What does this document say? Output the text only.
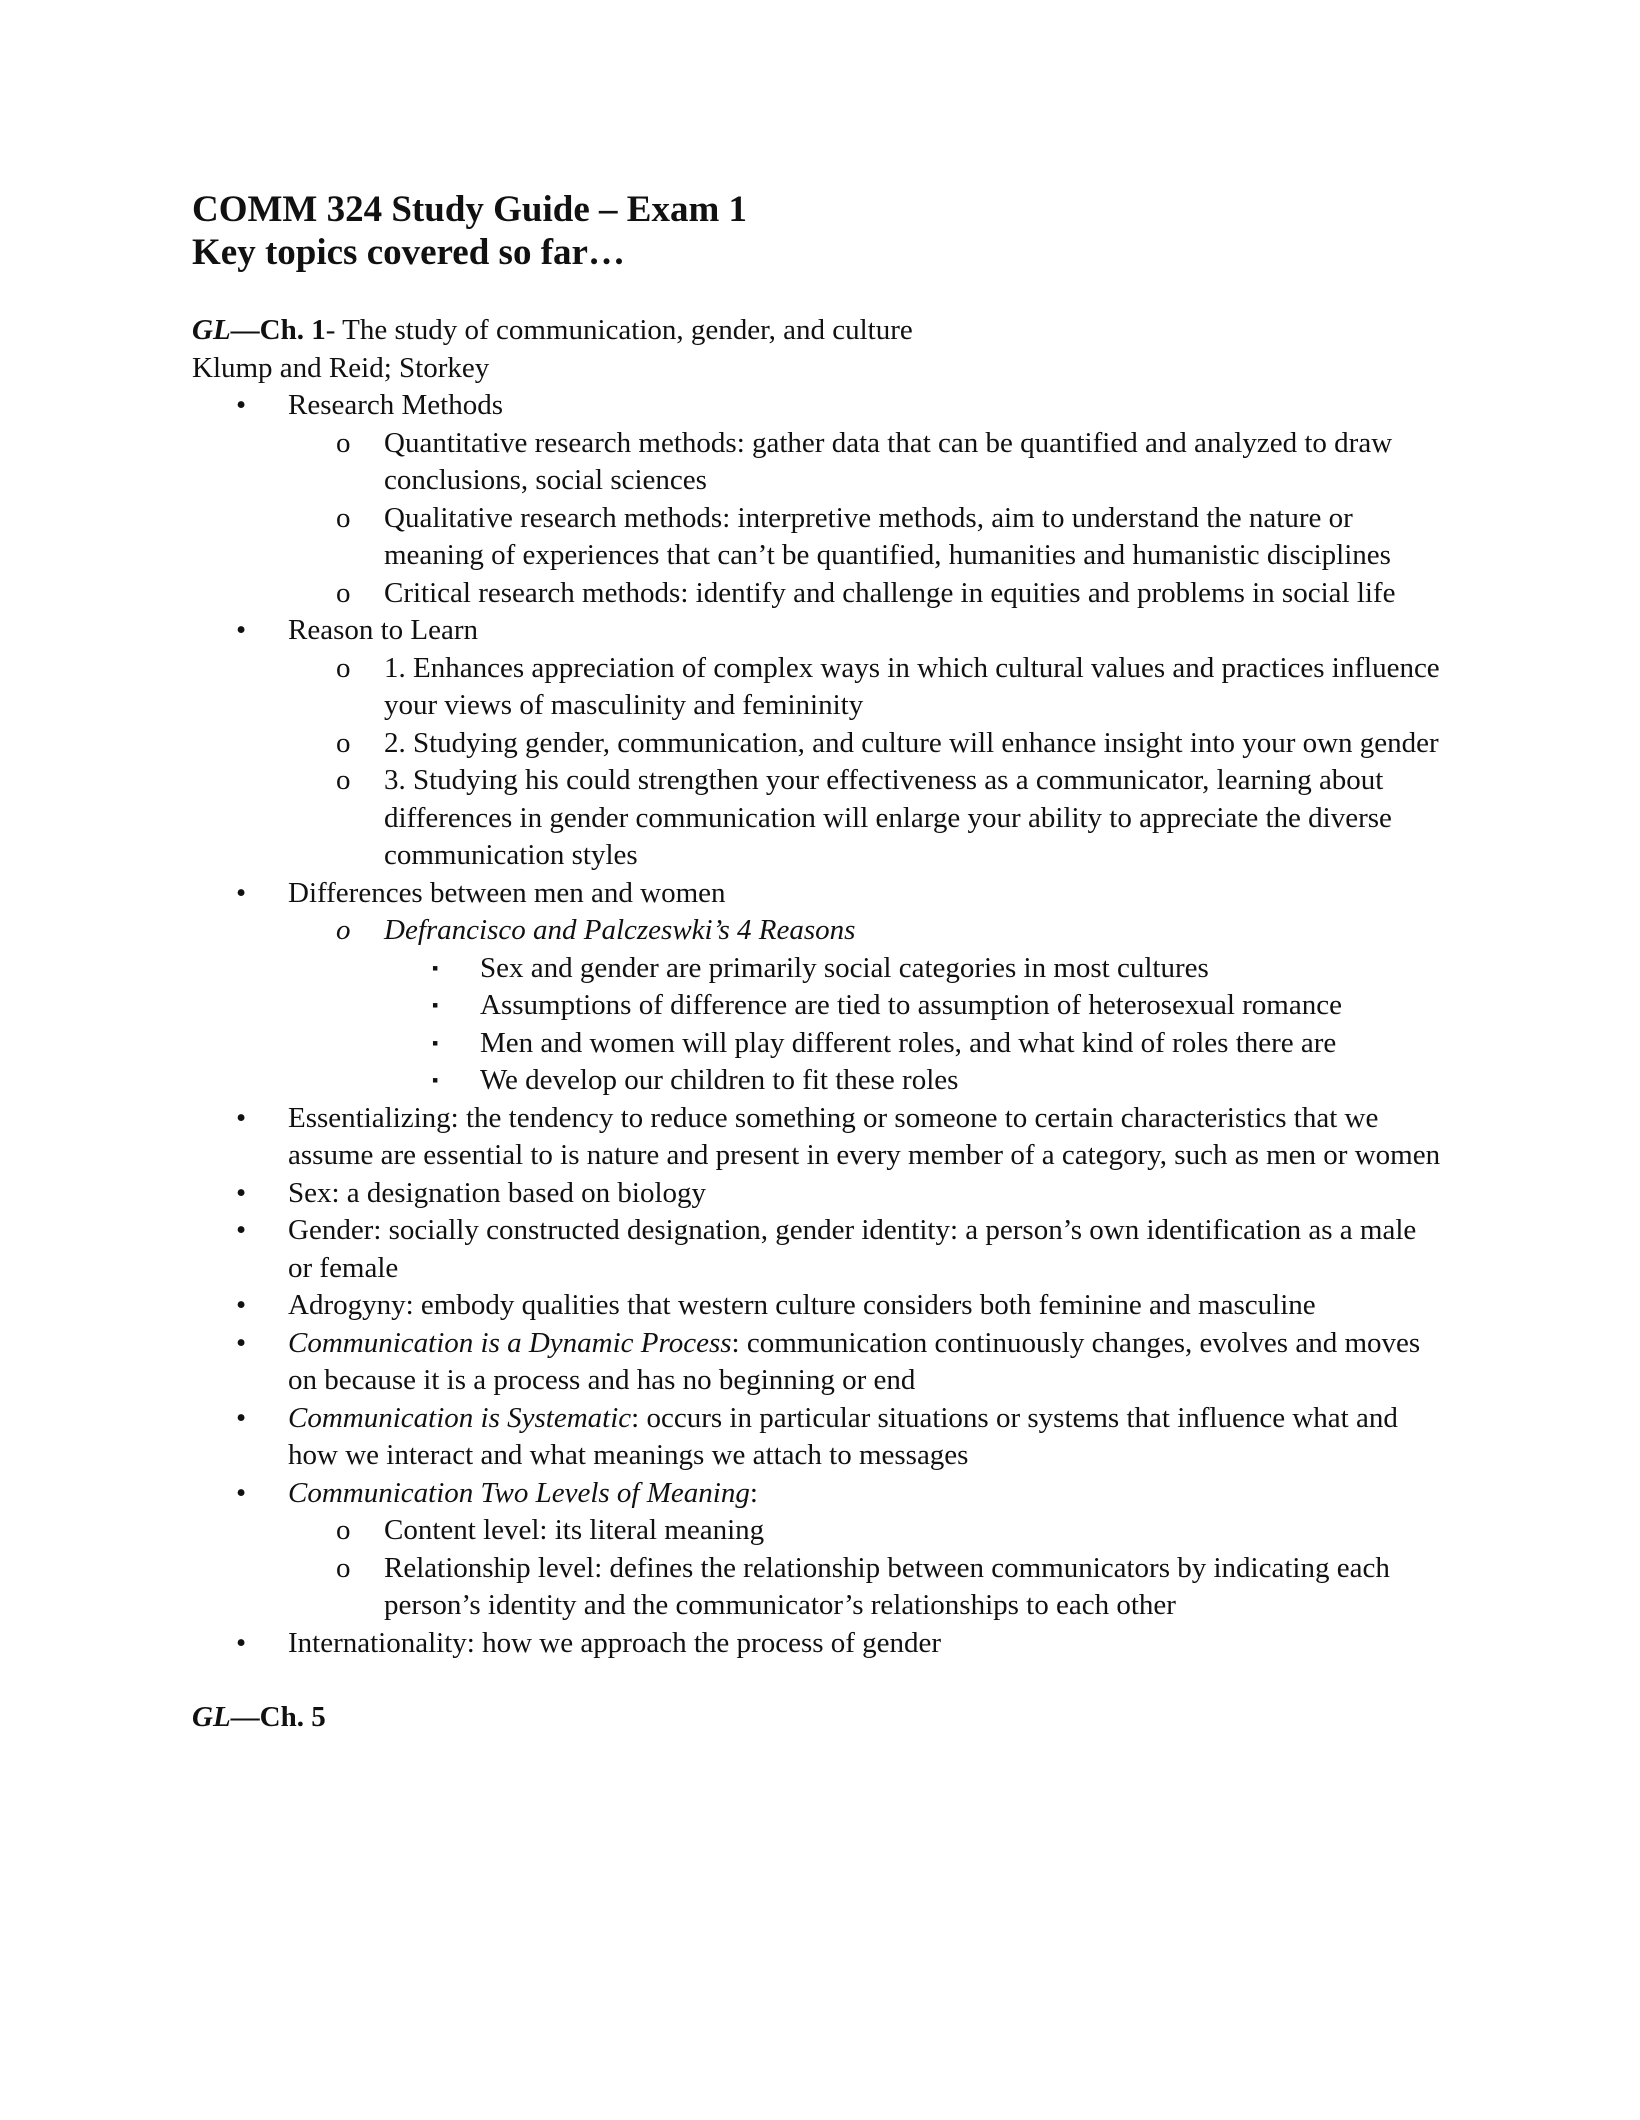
COMM 324 Study Guide – Exam 1
Key topics covered so far…

GL—Ch. 1- The study of communication, gender, and culture

Klump and Reid; Storkey

• Research Methods
o Quantitative research methods: gather data that can be quantified and analyzed to draw conclusions, social sciences
o Qualitative research methods: interpretive methods, aim to understand the nature or meaning of experiences that can’t be quantified, humanities and humanistic disciplines
o Critical research methods: identify and challenge in equities and problems in social life
• Reason to Learn
o 1. Enhances appreciation of complex ways in which cultural values and practices influence your views of masculinity and femininity
o 2. Studying gender, communication, and culture will enhance insight into your own gender
o 3. Studying his could strengthen your effectiveness as a communicator, learning about differences in gender communication will enlarge your ability to appreciate the diverse communication styles
• Differences between men and women
o Defrancisco and Palczeswki’s 4 Reasons
▪ Sex and gender are primarily social categories in most cultures
▪ Assumptions of difference are tied to assumption of heterosexual romance
▪ Men and women will play different roles, and what kind of roles there are
▪ We develop our children to fit these roles
• Essentializing: the tendency to reduce something or someone to certain characteristics that we assume are essential to is nature and present in every member of a category, such as men or women
• Sex: a designation based on biology
• Gender: socially constructed designation, gender identity: a person’s own identification as a male or female
• Adrogyny: embody qualities that western culture considers both feminine and masculine
• Communication is a Dynamic Process: communication continuously changes, evolves and moves on because it is a process and has no beginning or end
• Communication is Systematic: occurs in particular situations or systems that influence what and how we interact and what meanings we attach to messages
• Communication Two Levels of Meaning:
o Content level: its literal meaning
o Relationship level: defines the relationship between communicators by indicating each person’s identity and the communicator’s relationships to each other
• Internationality: how we approach the process of gender

GL—Ch. 5
